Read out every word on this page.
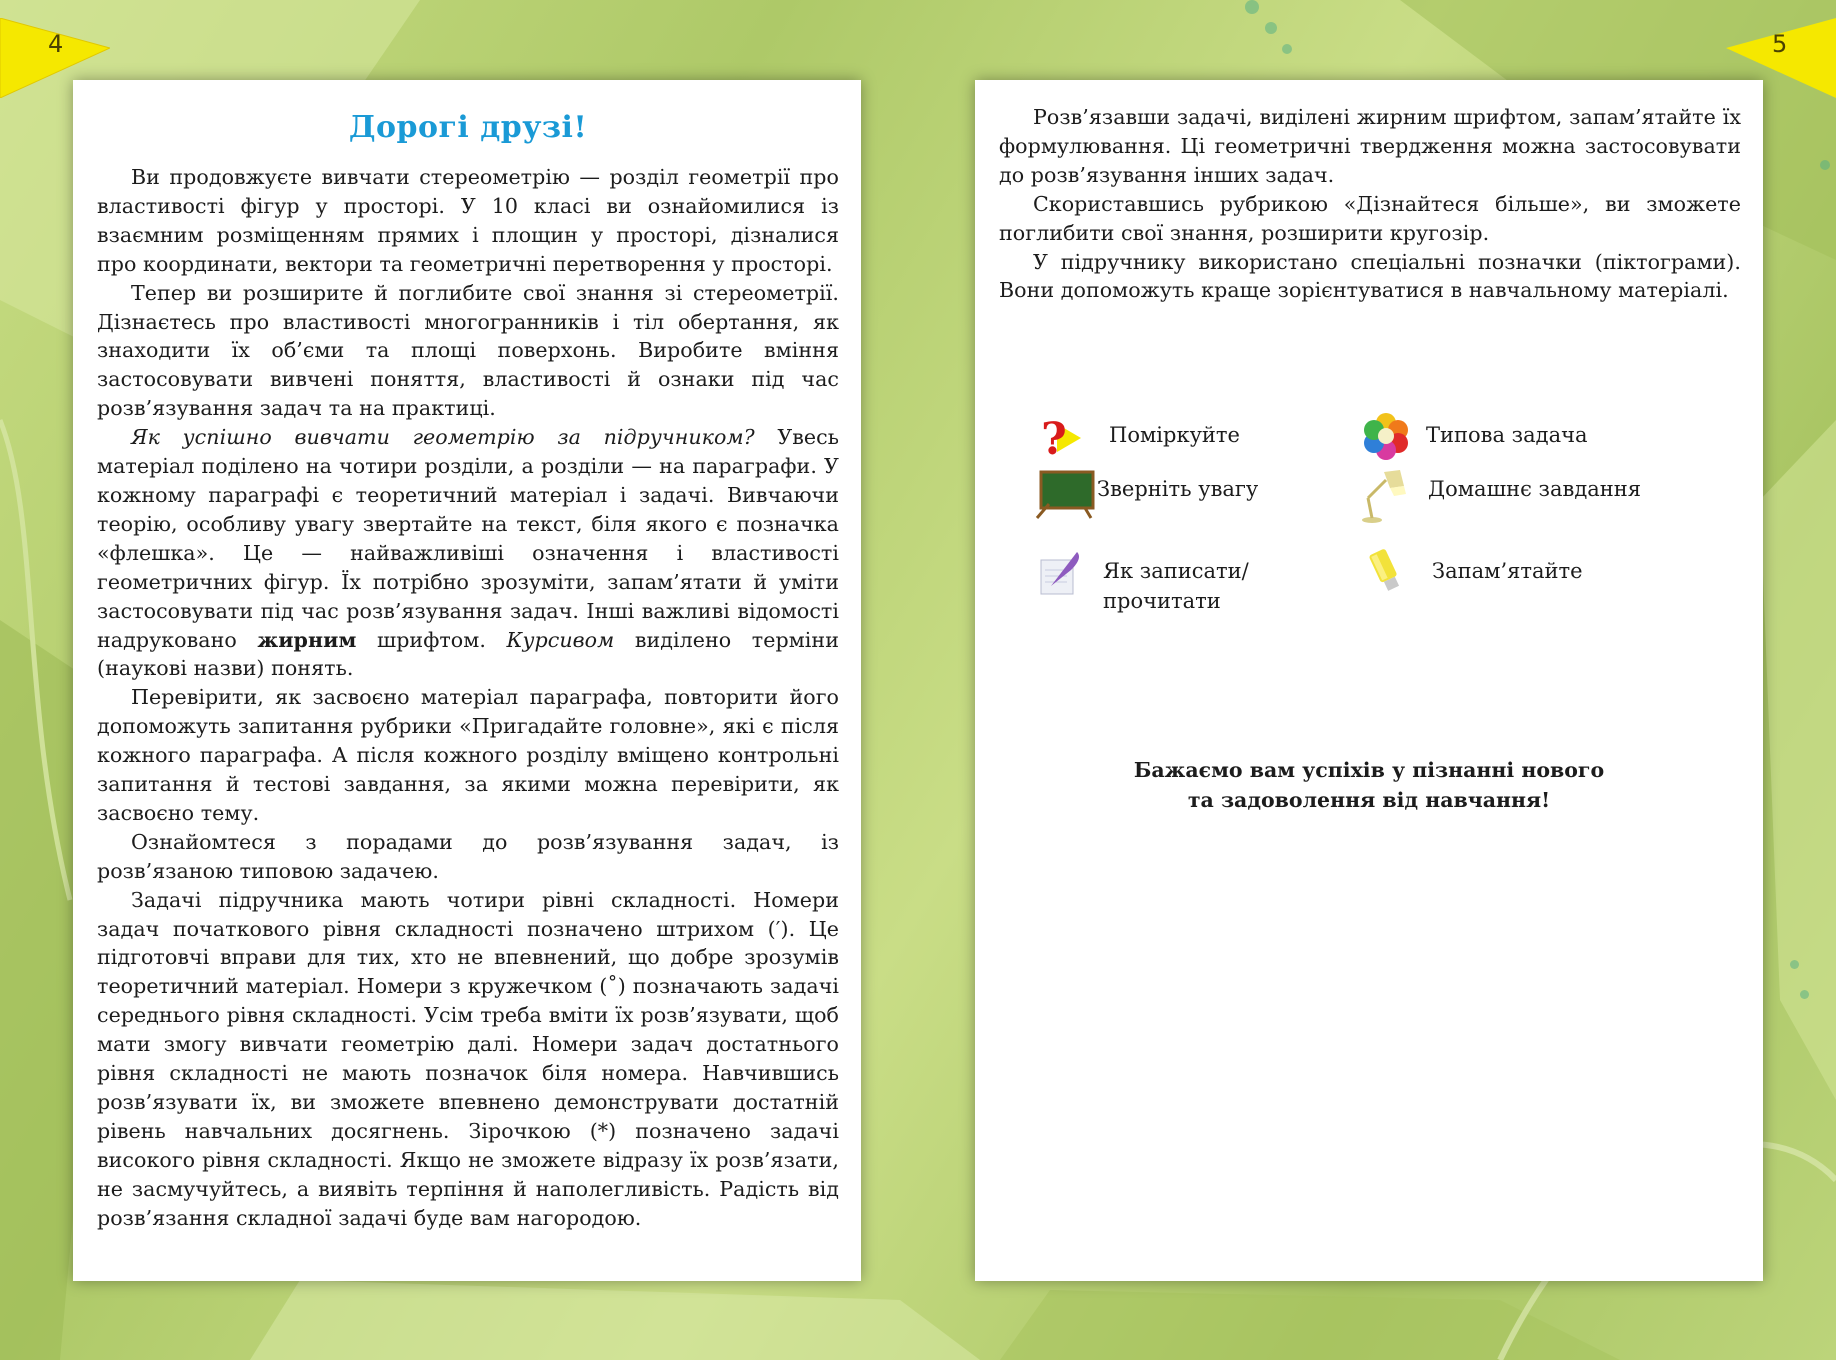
4	5
Дорогі друзі!

Ви продовжуєте вивчати стереометрію — розділ геометрії про властивості фігур у просторі. У 10 класі ви ознайомилися із взаємним розміщенням прямих і площин у просторі, дізналися про координати, вектори та геометричні перетворення у просторі.

Тепер ви розширите й поглибите свої знання зі стереометрії. Дізнаєтесь про властивості многогранників і тіл обертання, як знаходити їх об’єми та площі поверхонь. Виробите вміння застосовувати вивчені поняття, властивості й ознаки під час розв’язування задач та на практиці.

Як успішно вивчати геометрію за підручником? Увесь матеріал поділено на чотири розділи, а розділи — на параграфи. У кожному параграфі є теоретичний матеріал і задачі. Вивчаючи теорію, особливу увагу звертайте на текст, біля якого є позначка «флешка». Це — найважливіші означення і властивості геометричних фігур. Їх потрібно зрозуміти, запам’ятати й уміти застосовувати під час розв’язування задач. Інші важливі відомості надруковано жирним шрифтом. Курсивом виділено терміни (наукові назви) понять.

Перевірити, як засвоєно матеріал параграфа, повторити його допоможуть запитання рубрики «Пригадайте головне», які є після кожного параграфа. А після кожного розділу вміщено контрольні запитання й тестові завдання, за якими можна перевірити, як засвоєно тему.

Ознайомтеся з порадами до розв’язування задач, із розв’язаною типовою задачею.

Задачі підручника мають чотири рівні складності. Номери задач початкового рівня складності позначено штрихом (′). Це підготовчі вправи для тих, хто не впевнений, що добре зрозумів теоретичний матеріал. Номери з кружечком (˚) позначають задачі середнього рівня складності. Усім треба вміти їх розв’язувати, щоб мати змогу вивчати геометрію далі. Номери задач достатнього рівня складності не мають позначок біля номера. Навчившись розв’язувати їх, ви зможете впевнено демонструвати достатній рівень навчальних досягнень. Зірочкою (*) позначено задачі високого рівня складності. Якщо не зможете відразу їх розв’язати, не засмучуйтесь, а виявіть терпіння й наполегливість. Радість від розв’язання складної задачі буде вам нагородою.

Розв’язавши задачі, виділені жирним шрифтом, запам’ятайте їх формулювання. Ці геометричні твердження можна застосовувати до розв’язування інших задач.

Скориставшись рубрикою «Дізнайтеся більше», ви зможете поглибити свої знання, розширити кругозір.

У підручнику використано спеціальні позначки (піктограми). Вони допоможуть краще зорієнтуватися в навчальному матеріалі.

? Поміркуйте	Типова задача
Зверніть увагу	Домашнє завдання
Як записати/
прочитати
Запам’ятайте
Бажаємо вам успіхів у пізнанні нового
та задоволення від навчання!
